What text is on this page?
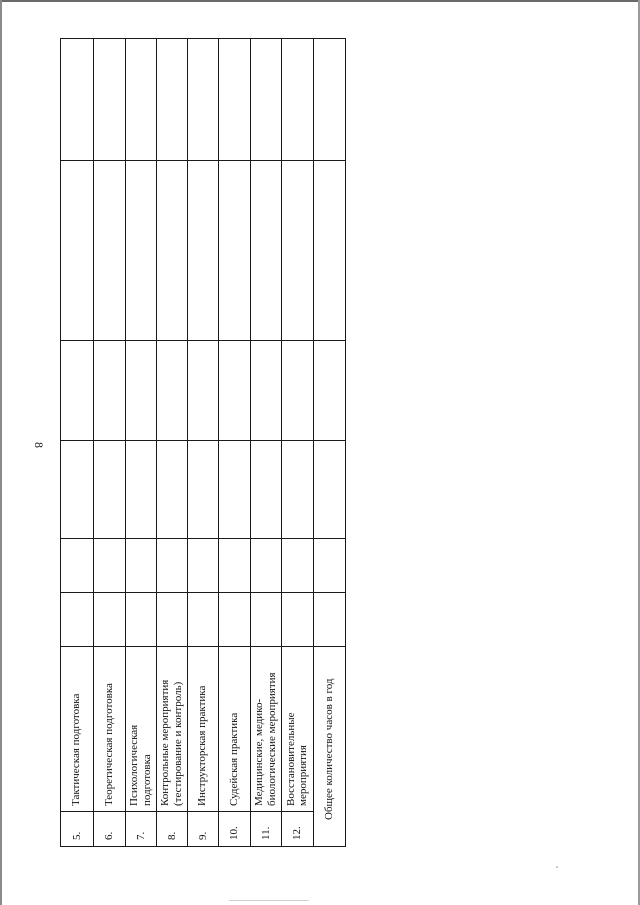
8
5.
Тактическая подготовка
6.
Теоретическая подготовка
7.
Психологическая подготовка
8.
Контрольные мероприятия (тестирование и контроль)
9.
Инструкторская практика
10.
Судейская практика
11.
Медицинские, медико- биологические мероприятия
12.
Восстановительные мероприятия Общее количество часов в год
